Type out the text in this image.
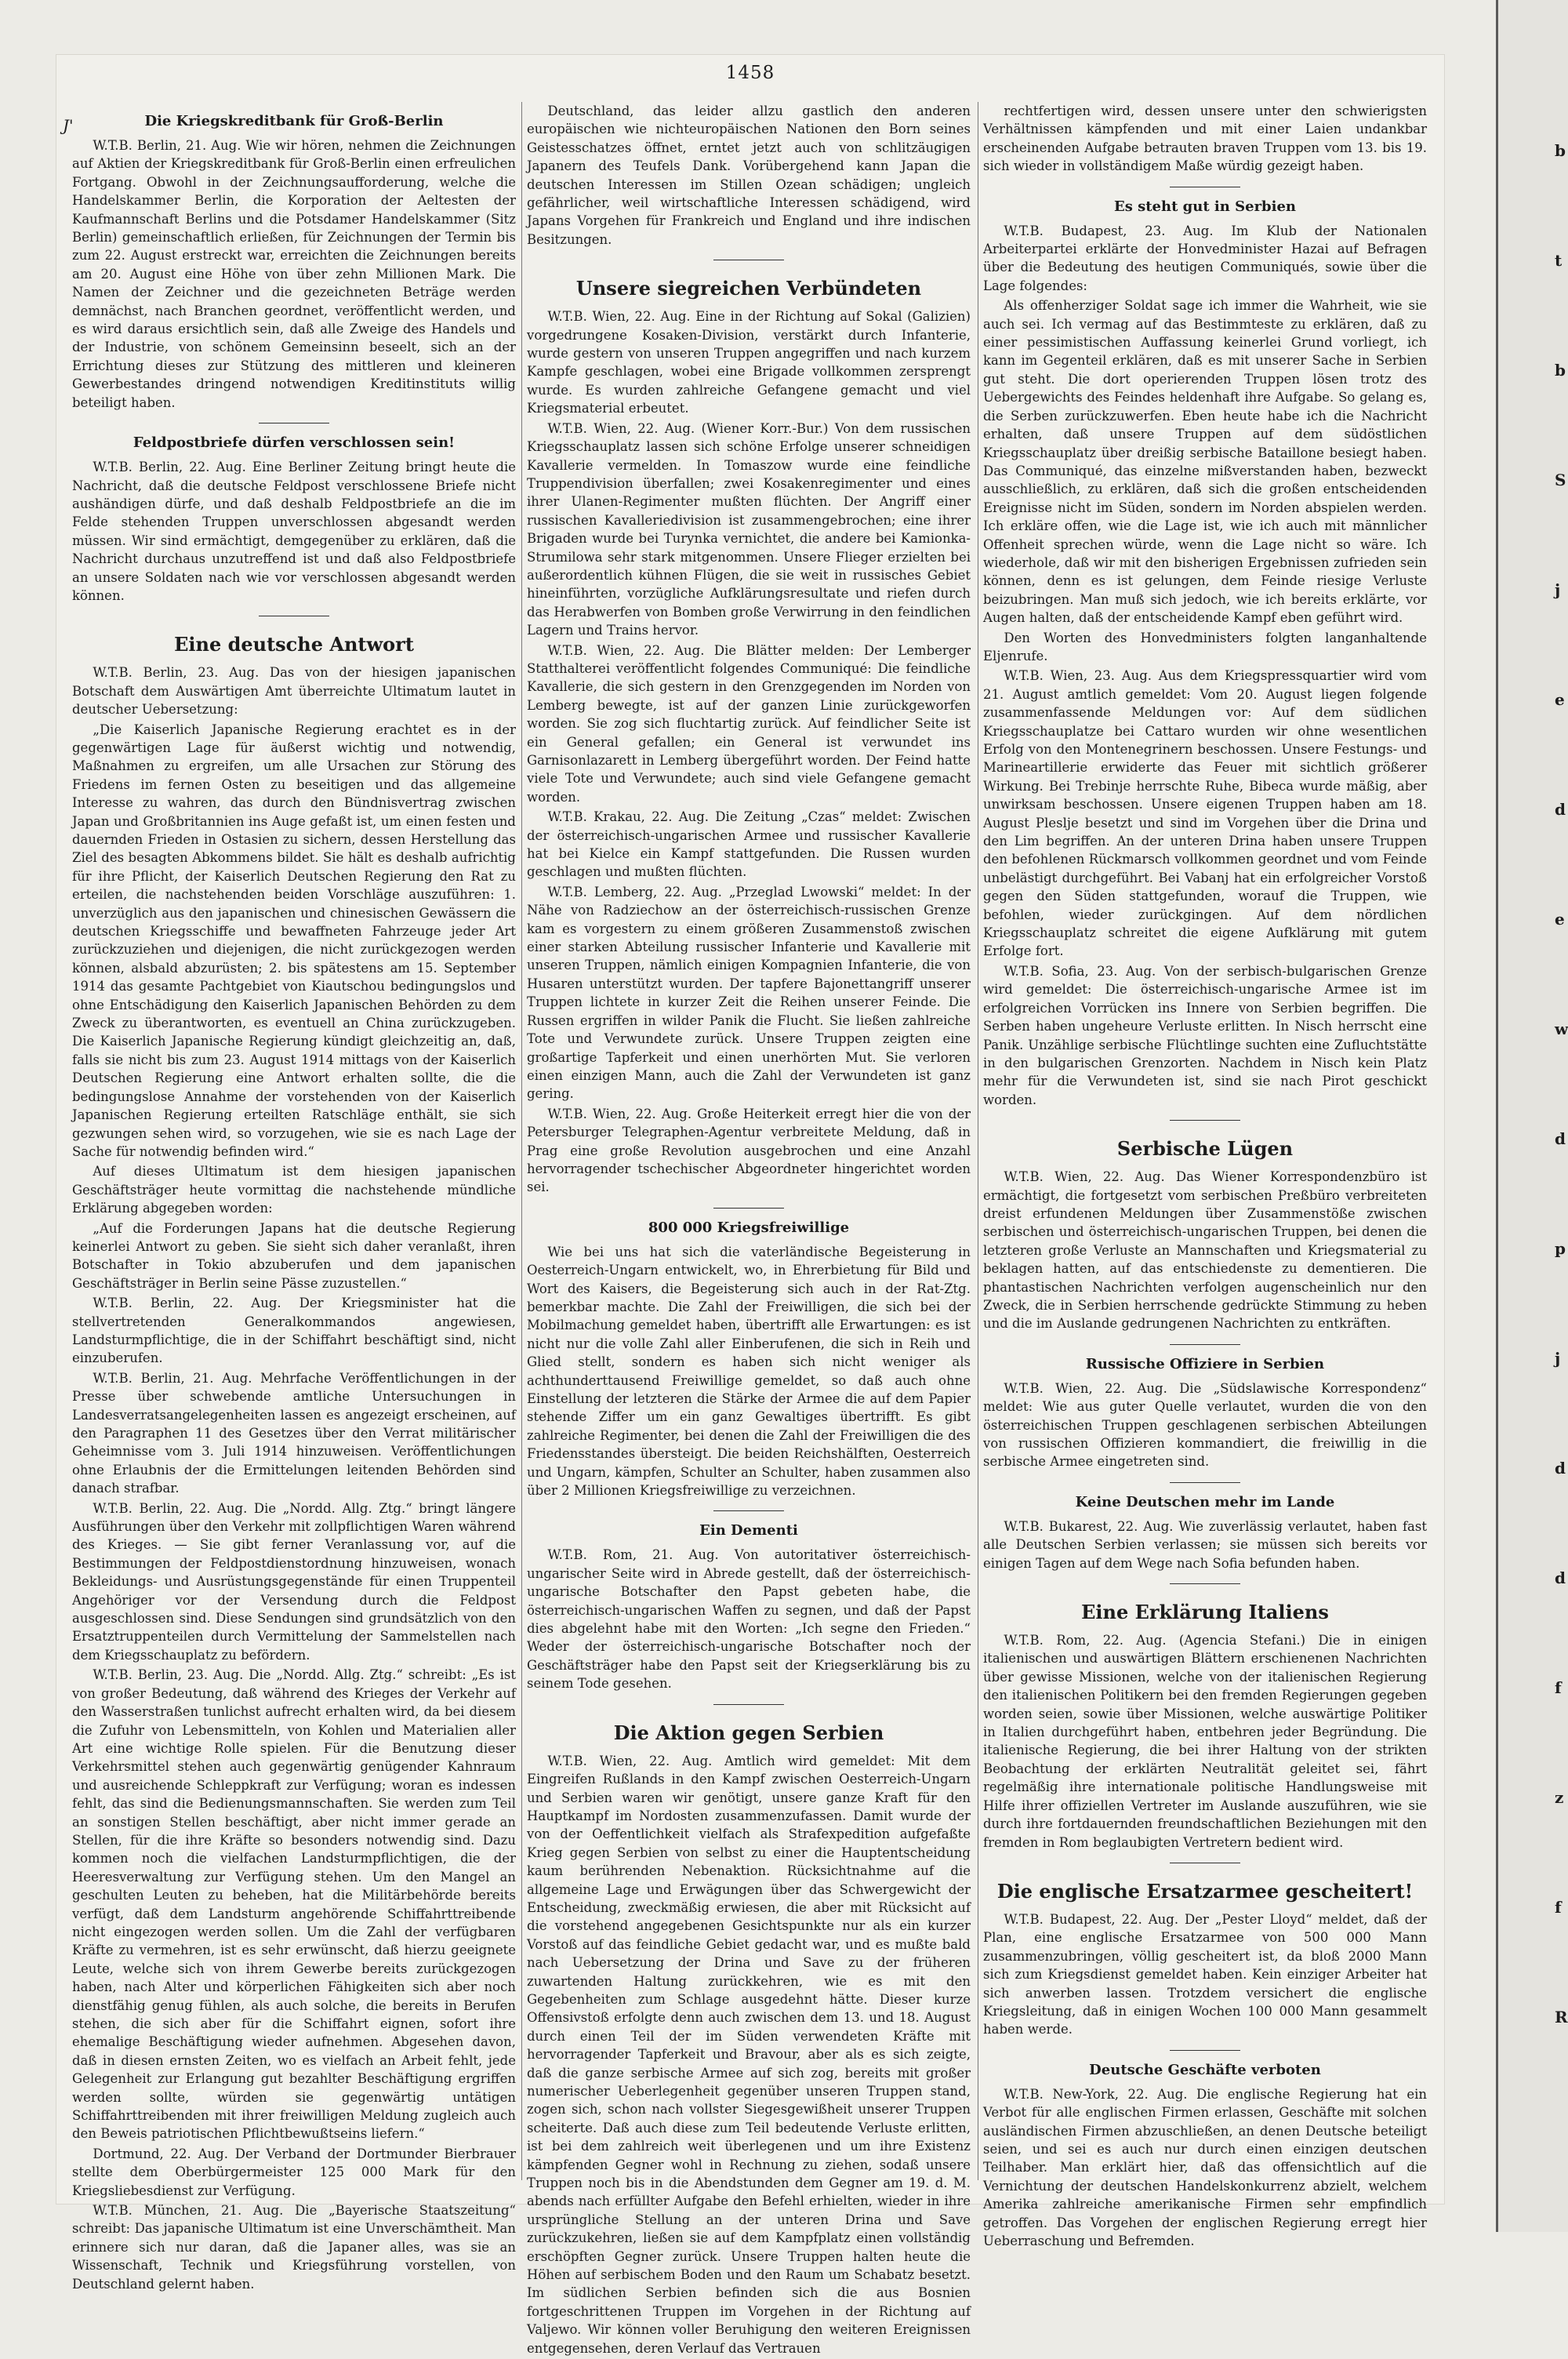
1458
J'	Die Kriegskreditbank für Groß-Berlin
W.T.B. Berlin, 21. Aug. Wie wir hören, nehmen die Zeichnungen auf Aktien der Kriegskreditbank für Groß-Berlin einen erfreulichen Fortgang. Obwohl in der Zeichnungsaufforderung, welche die Handelskammer Berlin, die Korporation der Aeltesten der Kaufmannschaft Berlins und die Potsdamer Handelskammer (Sitz Berlin) gemeinschaftlich erließen, für Zeichnungen der Termin bis zum 22. August erstreckt war, erreichten die Zeichnungen bereits am 20. August eine Höhe von über zehn Millionen Mark. Die Namen der Zeichner und die gezeichneten Beträge werden demnächst, nach Branchen geordnet, veröffentlicht werden, und es wird daraus ersichtlich sein, daß alle Zweige des Handels und der Industrie, von schönem Gemeinsinn beseelt, sich an der Errichtung dieses zur Stützung des mittleren und kleineren Gewerbestandes dringend notwendigen Kreditinstituts willig beteiligt haben.
Feldpostbriefe dürfen verschlossen sein!
W.T.B. Berlin, 22. Aug. Eine Berliner Zeitung bringt heute die Nachricht, daß die deutsche Feldpost verschlossene Briefe nicht aushändigen dürfe, und daß deshalb Feldpostbriefe an die im Felde stehenden Truppen unverschlossen abgesandt werden müssen. Wir sind ermächtigt, demgegenüber zu erklären, daß die Nachricht durchaus unzutreffend ist und daß also Feldpostbriefe an unsere Soldaten nach wie vor verschlossen abgesandt werden können.
Eine deutsche Antwort
W.T.B. Berlin, 23. Aug. Das von der hiesigen japanischen Botschaft dem Auswärtigen Amt überreichte Ultimatum lautet in deutscher Uebersetzung:
„Die Kaiserlich Japanische Regierung erachtet es in der gegenwärtigen Lage für äußerst wichtig und notwendig, Maßnahmen zu ergreifen, um alle Ursachen zur Störung des Friedens im fernen Osten zu beseitigen und das allgemeine Interesse zu wahren, das durch den Bündnisvertrag zwischen Japan und Großbritannien ins Auge gefaßt ist, um einen festen und dauernden Frieden in Ostasien zu sichern, dessen Herstellung das Ziel des besagten Abkommens bildet. Sie hält es deshalb aufrichtig für ihre Pflicht, der Kaiserlich Deutschen Regierung den Rat zu erteilen, die nachstehenden beiden Vorschläge auszuführen: 1. unverzüglich aus den japanischen und chinesischen Gewässern die deutschen Kriegsschiffe und bewaffneten Fahrzeuge jeder Art zurückzuziehen und diejenigen, die nicht zurückgezogen werden können, alsbald abzurüsten; 2. bis spätestens am 15. September 1914 das gesamte Pachtgebiet von Kiautschou bedingungslos und ohne Entschädigung den Kaiserlich Japanischen Behörden zu dem Zweck zu überantworten, es eventuell an China zurückzugeben. Die Kaiserlich Japanische Regierung kündigt gleichzeitig an, daß, falls sie nicht bis zum 23. August 1914 mittags von der Kaiserlich Deutschen Regierung eine Antwort erhalten sollte, die die bedingungslose Annahme der vorstehenden von der Kaiserlich Japanischen Regierung erteilten Ratschläge enthält, sie sich gezwungen sehen wird, so vorzugehen, wie sie es nach Lage der Sache für notwendig befinden wird.“
Auf dieses Ultimatum ist dem hiesigen japanischen Geschäftsträger heute vormittag die nachstehende mündliche Erklärung abgegeben worden:
„Auf die Forderungen Japans hat die deutsche Regierung keinerlei Antwort zu geben. Sie sieht sich daher veranlaßt, ihren Botschafter in Tokio abzuberufen und dem japanischen Geschäftsträger in Berlin seine Pässe zuzustellen.“
W.T.B. Berlin, 22. Aug. Der Kriegsminister hat die stellvertretenden Generalkommandos angewiesen, Landsturmpflichtige, die in der Schiffahrt beschäftigt sind, nicht einzuberufen.
W.T.B. Berlin, 21. Aug. Mehrfache Veröffentlichungen in der Presse über schwebende amtliche Untersuchungen in Landesverratsangelegenheiten lassen es angezeigt erscheinen, auf den Paragraphen 11 des Gesetzes über den Verrat militärischer Geheimnisse vom 3. Juli 1914 hinzuweisen. Veröffentlichungen ohne Erlaubnis der die Ermittelungen leitenden Behörden sind danach strafbar.
W.T.B. Berlin, 22. Aug. Die „Nordd. Allg. Ztg.“ bringt längere Ausführungen über den Verkehr mit zollpflichtigen Waren während des Krieges. — Sie gibt ferner Veranlassung vor, auf die Bestimmungen der Feldpostdienstordnung hinzuweisen, wonach Bekleidungs- und Ausrüstungsgegenstände für einen Truppenteil Angehöriger vor der Versendung durch die Feldpost ausgeschlossen sind. Diese Sendungen sind grundsätzlich von den Ersatztruppenteilen durch Vermittelung der Sammelstellen nach dem Kriegsschauplatz zu befördern.
W.T.B. Berlin, 23. Aug. Die „Nordd. Allg. Ztg.“ schreibt: „Es ist von großer Bedeutung, daß während des Krieges der Verkehr auf den Wasserstraßen tunlichst aufrecht erhalten wird, da bei diesem die Zufuhr von Lebensmitteln, von Kohlen und Materialien aller Art eine wichtige Rolle spielen. Für die Benutzung dieser Verkehrsmittel stehen auch gegenwärtig genügender Kahnraum und ausreichende Schleppkraft zur Verfügung; woran es indessen fehlt, das sind die Bedienungsmannschaften. Sie werden zum Teil an sonstigen Stellen beschäftigt, aber nicht immer gerade an Stellen, für die ihre Kräfte so besonders notwendig sind. Dazu kommen noch die vielfachen Landsturmpflichtigen, die der Heeresverwaltung zur Verfügung stehen. Um den Mangel an geschulten Leuten zu beheben, hat die Militärbehörde bereits verfügt, daß dem Landsturm angehörende Schiffahrttreibende nicht eingezogen werden sollen. Um die Zahl der verfügbaren Kräfte zu vermehren, ist es sehr erwünscht, daß hierzu geeignete Leute, welche sich von ihrem Gewerbe bereits zurückgezogen haben, nach Alter und körperlichen Fähigkeiten sich aber noch dienstfähig genug fühlen, als auch solche, die bereits in Berufen stehen, die sich aber für die Schiffahrt eignen, sofort ihre ehemalige Beschäftigung wieder aufnehmen. Abgesehen davon, daß in diesen ernsten Zeiten, wo es vielfach an Arbeit fehlt, jede Gelegenheit zur Erlangung gut bezahlter Beschäftigung ergriffen werden sollte, würden sie gegenwärtig untätigen Schiffahrttreibenden mit ihrer freiwilligen Meldung zugleich auch den Beweis patriotischen Pflichtbewußtseins liefern.“
Dortmund, 22. Aug. Der Verband der Dortmunder Bierbrauer stellte dem Oberbürgermeister 125 000 Mark für den Kriegsliebesdienst zur Verfügung.
W.T.B. München, 21. Aug. Die „Bayerische Staatszeitung“ schreibt: Das japanische Ultimatum ist eine Unverschämtheit. Man erinnere sich nur daran, daß die Japaner alles, was sie an Wissenschaft, Technik und Kriegsführung vorstellen, von Deutschland gelernt haben.
Deutschland, das leider allzu gastlich den anderen europäischen wie nichteuropäischen Nationen den Born seines Geistesschatzes öffnet, erntet jetzt auch von schlitzäugigen Japanern des Teufels Dank. Vorübergehend kann Japan die deutschen Interessen im Stillen Ozean schädigen; ungleich gefährlicher, weil wirtschaftliche Interessen schädigend, wird Japans Vorgehen für Frankreich und England und ihre indischen Besitzungen.
Unsere siegreichen Verbündeten
W.T.B. Wien, 22. Aug. Eine in der Richtung auf Sokal (Galizien) vorgedrungene Kosaken-Division, verstärkt durch Infanterie, wurde gestern von unseren Truppen angegriffen und nach kurzem Kampfe geschlagen, wobei eine Brigade vollkommen zersprengt wurde. Es wurden zahlreiche Gefangene gemacht und viel Kriegsmaterial erbeutet.
W.T.B. Wien, 22. Aug. (Wiener Korr.-Bur.) Von dem russischen Kriegsschauplatz lassen sich schöne Erfolge unserer schneidigen Kavallerie vermelden. In Tomaszow wurde eine feindliche Truppendivision überfallen; zwei Kosakenregimenter und eines ihrer Ulanen-Regimenter mußten flüchten. Der Angriff einer russischen Kavalleriedivision ist zusammengebrochen; eine ihrer Brigaden wurde bei Turynka vernichtet, die andere bei Kamionka-Strumilowa sehr stark mitgenommen. Unsere Flieger erzielten bei außerordentlich kühnen Flügen, die sie weit in russisches Gebiet hineinführten, vorzügliche Aufklärungsresultate und riefen durch das Herabwerfen von Bomben große Verwirrung in den feindlichen Lagern und Trains hervor.
W.T.B. Wien, 22. Aug. Die Blätter melden: Der Lemberger Statthalterei veröffentlicht folgendes Communiqué: Die feindliche Kavallerie, die sich gestern in den Grenzgegenden im Norden von Lemberg bewegte, ist auf der ganzen Linie zurückgeworfen worden. Sie zog sich fluchtartig zurück. Auf feindlicher Seite ist ein General gefallen; ein General ist verwundet ins Garnisonlazarett in Lemberg übergeführt worden. Der Feind hatte viele Tote und Verwundete; auch sind viele Gefangene gemacht worden.
W.T.B. Krakau, 22. Aug. Die Zeitung „Czas“ meldet: Zwischen der österreichisch-ungarischen Armee und russischer Kavallerie hat bei Kielce ein Kampf stattgefunden. Die Russen wurden geschlagen und mußten flüchten.
W.T.B. Lemberg, 22. Aug. „Przeglad Lwowski“ meldet: In der Nähe von Radziechow an der österreichisch-russischen Grenze kam es vorgestern zu einem größeren Zusammenstoß zwischen einer starken Abteilung russischer Infanterie und Kavallerie mit unseren Truppen, nämlich einigen Kompagnien Infanterie, die von Husaren unterstützt wurden. Der tapfere Bajonettangriff unserer Truppen lichtete in kurzer Zeit die Reihen unserer Feinde. Die Russen ergriffen in wilder Panik die Flucht. Sie ließen zahlreiche Tote und Verwundete zurück. Unsere Truppen zeigten eine großartige Tapferkeit und einen unerhörten Mut. Sie verloren einen einzigen Mann, auch die Zahl der Verwundeten ist ganz gering.
W.T.B. Wien, 22. Aug. Große Heiterkeit erregt hier die von der Petersburger Telegraphen-Agentur verbreitete Meldung, daß in Prag eine große Revolution ausgebrochen und eine Anzahl hervorragender tschechischer Abgeordneter hingerichtet worden sei.
800 000 Kriegsfreiwillige
Wie bei uns hat sich die vaterländische Begeisterung in Oesterreich-Ungarn entwickelt, wo, in Ehrerbietung für Bild und Wort des Kaisers, die Begeisterung sich auch in der Rat-Ztg. bemerkbar machte. Die Zahl der Freiwilligen, die sich bei der Mobilmachung gemeldet haben, übertrifft alle Erwartungen: es ist nicht nur die volle Zahl aller Einberufenen, die sich in Reih und Glied stellt, sondern es haben sich nicht weniger als achthunderttausend Freiwillige gemeldet, so daß auch ohne Einstellung der letzteren die Stärke der Armee die auf dem Papier stehende Ziffer um ein ganz Gewaltiges übertrifft. Es gibt zahlreiche Regimenter, bei denen die Zahl der Freiwilligen die des Friedensstandes übersteigt. Die beiden Reichshälften, Oesterreich und Ungarn, kämpfen, Schulter an Schulter, haben zusammen also über 2 Millionen Kriegsfreiwillige zu verzeichnen.
Ein Dementi
W.T.B. Rom, 21. Aug. Von autoritativer österreichisch-ungarischer Seite wird in Abrede gestellt, daß der österreichisch-ungarische Botschafter den Papst gebeten habe, die österreichisch-ungarischen Waffen zu segnen, und daß der Papst dies abgelehnt habe mit den Worten: „Ich segne den Frieden.“ Weder der österreichisch-ungarische Botschafter noch der Geschäftsträger habe den Papst seit der Kriegserklärung bis zu seinem Tode gesehen.
Die Aktion gegen Serbien
W.T.B. Wien, 22. Aug. Amtlich wird gemeldet: Mit dem Eingreifen Rußlands in den Kampf zwischen Oesterreich-Ungarn und Serbien waren wir genötigt, unsere ganze Kraft für den Hauptkampf im Nordosten zusammenzufassen. Damit wurde der von der Oeffentlichkeit vielfach als Strafexpedition aufgefaßte Krieg gegen Serbien von selbst zu einer die Hauptentscheidung kaum berührenden Nebenaktion. Rücksichtnahme auf die allgemeine Lage und Erwägungen über das Schwergewicht der Entscheidung, zweckmäßig erwiesen, die aber mit Rücksicht auf die vorstehend angegebenen Gesichtspunkte nur als ein kurzer Vorstoß auf das feindliche Gebiet gedacht war, und es mußte bald nach Uebersetzung der Drina und Save zu der früheren zuwartenden Haltung zurückkehren, wie es mit den Gegebenheiten zum Schlage ausgedehnt hätte. Dieser kurze Offensivstoß erfolgte denn auch zwischen dem 13. und 18. August durch einen Teil der im Süden verwendeten Kräfte mit hervorragender Tapferkeit und Bravour, aber als es sich zeigte, daß die ganze serbische Armee auf sich zog, bereits mit großer numerischer Ueberlegenheit gegenüber unseren Truppen stand, zogen sich, schon nach vollster Siegesgewißheit unserer Truppen scheiterte. Daß auch diese zum Teil bedeutende Verluste erlitten, ist bei dem zahlreich weit überlegenen und um ihre Existenz kämpfenden Gegner wohl in Rechnung zu ziehen, sodaß unsere Truppen noch bis in die Abendstunden dem Gegner am 19. d. M. abends nach erfüllter Aufgabe den Befehl erhielten, wieder in ihre ursprüngliche Stellung an der unteren Drina und Save zurückzukehren, ließen sie auf dem Kampfplatz einen vollständig erschöpften Gegner zurück. Unsere Truppen halten heute die Höhen auf serbischem Boden und den Raum um Schabatz besetzt. Im südlichen Serbien befinden sich die aus Bosnien fortgeschrittenen Truppen im Vorgehen in der Richtung auf Valjewo. Wir können voller Beruhigung den weiteren Ereignissen entgegensehen, deren Verlauf das Vertrauen
rechtfertigen wird, dessen unsere unter den schwierigsten Verhältnissen kämpfenden und mit einer Laien undankbar erscheinenden Aufgabe betrauten braven Truppen vom 13. bis 19. sich wieder in vollständigem Maße würdig gezeigt haben.
Es steht gut in Serbien
W.T.B. Budapest, 23. Aug. Im Klub der Nationalen Arbeiterpartei erklärte der Honvedminister Hazai auf Befragen über die Bedeutung des heutigen Communiqués, sowie über die Lage folgendes:
Als offenherziger Soldat sage ich immer die Wahrheit, wie sie auch sei. Ich vermag auf das Bestimmteste zu erklären, daß zu einer pessimistischen Auffassung keinerlei Grund vorliegt, ich kann im Gegenteil erklären, daß es mit unserer Sache in Serbien gut steht. Die dort operierenden Truppen lösen trotz des Uebergewichts des Feindes heldenhaft ihre Aufgabe. So gelang es, die Serben zurückzuwerfen. Eben heute habe ich die Nachricht erhalten, daß unsere Truppen auf dem südöstlichen Kriegsschauplatz über dreißig serbische Bataillone besiegt haben. Das Communiqué, das einzelne mißverstanden haben, bezweckt ausschließlich, zu erklären, daß sich die großen entscheidenden Ereignisse nicht im Süden, sondern im Norden abspielen werden. Ich erkläre offen, wie die Lage ist, wie ich auch mit männlicher Offenheit sprechen würde, wenn die Lage nicht so wäre. Ich wiederhole, daß wir mit den bisherigen Ergebnissen zufrieden sein können, denn es ist gelungen, dem Feinde riesige Verluste beizubringen. Man muß sich jedoch, wie ich bereits erklärte, vor Augen halten, daß der entscheidende Kampf eben geführt wird.
Den Worten des Honvedministers folgten langanhaltende Eljenrufe.
W.T.B. Wien, 23. Aug. Aus dem Kriegspressquartier wird vom 21. August amtlich gemeldet: Vom 20. August liegen folgende zusammenfassende Meldungen vor: Auf dem südlichen Kriegsschauplatze bei Cattaro wurden wir ohne wesentlichen Erfolg von den Montenegrinern beschossen. Unsere Festungs- und Marineartillerie erwiderte das Feuer mit sichtlich größerer Wirkung. Bei Trebinje herrschte Ruhe, Bibeca wurde mäßig, aber unwirksam beschossen. Unsere eigenen Truppen haben am 18. August Pleslje besetzt und sind im Vorgehen über die Drina und den Lim begriffen. An der unteren Drina haben unsere Truppen den befohlenen Rückmarsch vollkommen geordnet und vom Feinde unbelästigt durchgeführt. Bei Vabanj hat ein erfolgreicher Vorstoß gegen den Süden stattgefunden, worauf die Truppen, wie befohlen, wieder zurückgingen. Auf dem nördlichen Kriegsschauplatz schreitet die eigene Aufklärung mit gutem Erfolge fort.
W.T.B. Sofia, 23. Aug. Von der serbisch-bulgarischen Grenze wird gemeldet: Die österreichisch-ungarische Armee ist im erfolgreichen Vorrücken ins Innere von Serbien begriffen. Die Serben haben ungeheure Verluste erlitten. In Nisch herrscht eine Panik. Unzählige serbische Flüchtlinge suchten eine Zufluchtstätte in den bulgarischen Grenzorten. Nachdem in Nisch kein Platz mehr für die Verwundeten ist, sind sie nach Pirot geschickt worden.
Serbische Lügen
W.T.B. Wien, 22. Aug. Das Wiener Korrespondenzbüro ist ermächtigt, die fortgesetzt vom serbischen Preßbüro verbreiteten dreist erfundenen Meldungen über Zusammenstöße zwischen serbischen und österreichisch-ungarischen Truppen, bei denen die letzteren große Verluste an Mannschaften und Kriegsmaterial zu beklagen hatten, auf das entschiedenste zu dementieren. Die phantastischen Nachrichten verfolgen augenscheinlich nur den Zweck, die in Serbien herrschende gedrückte Stimmung zu heben und die im Auslande gedrungenen Nachrichten zu entkräften.
Russische Offiziere in Serbien
W.T.B. Wien, 22. Aug. Die „Südslawische Korrespondenz“ meldet: Wie aus guter Quelle verlautet, wurden die von den österreichischen Truppen geschlagenen serbischen Abteilungen von russischen Offizieren kommandiert, die freiwillig in die serbische Armee eingetreten sind.
Keine Deutschen mehr im Lande
W.T.B. Bukarest, 22. Aug. Wie zuverlässig verlautet, haben fast alle Deutschen Serbien verlassen; sie müssen sich bereits vor einigen Tagen auf dem Wege nach Sofia befunden haben.
Eine Erklärung Italiens
W.T.B. Rom, 22. Aug. (Agencia Stefani.) Die in einigen italienischen und auswärtigen Blättern erschienenen Nachrichten über gewisse Missionen, welche von der italienischen Regierung den italienischen Politikern bei den fremden Regierungen gegeben worden seien, sowie über Missionen, welche auswärtige Politiker in Italien durchgeführt haben, entbehren jeder Begründung. Die italienische Regierung, die bei ihrer Haltung von der strikten Beobachtung der erklärten Neutralität geleitet sei, fährt regelmäßig ihre internationale politische Handlungsweise mit Hilfe ihrer offiziellen Vertreter im Auslande auszuführen, wie sie durch ihre fortdauernden freundschaftlichen Beziehungen mit den fremden in Rom beglaubigten Vertretern bedient wird.
Die englische Ersatzarmee gescheitert!
W.T.B. Budapest, 22. Aug. Der „Pester Lloyd“ meldet, daß der Plan, eine englische Ersatzarmee von 500 000 Mann zusammenzubringen, völlig gescheitert ist, da bloß 2000 Mann sich zum Kriegsdienst gemeldet haben. Kein einziger Arbeiter hat sich anwerben lassen. Trotzdem versichert die englische Kriegsleitung, daß in einigen Wochen 100 000 Mann gesammelt haben werde.
Deutsche Geschäfte verboten
W.T.B. New-York, 22. Aug. Die englische Regierung hat ein Verbot für alle englischen Firmen erlassen, Geschäfte mit solchen ausländischen Firmen abzuschließen, an denen Deutsche beteiligt seien, und sei es auch nur durch einen einzigen deutschen Teilhaber. Man erklärt hier, daß das offensichtlich auf die Vernichtung der deutschen Handelskonkurrenz abzielt, welchem Amerika zahlreiche amerikanische Firmen sehr empfindlich getroffen. Das Vorgehen der englischen Regierung erregt hier Ueberraschung und Befremden.
b
t
b
S
j
e
d
e
w
d
p
j
d
d
f
z
f
R
